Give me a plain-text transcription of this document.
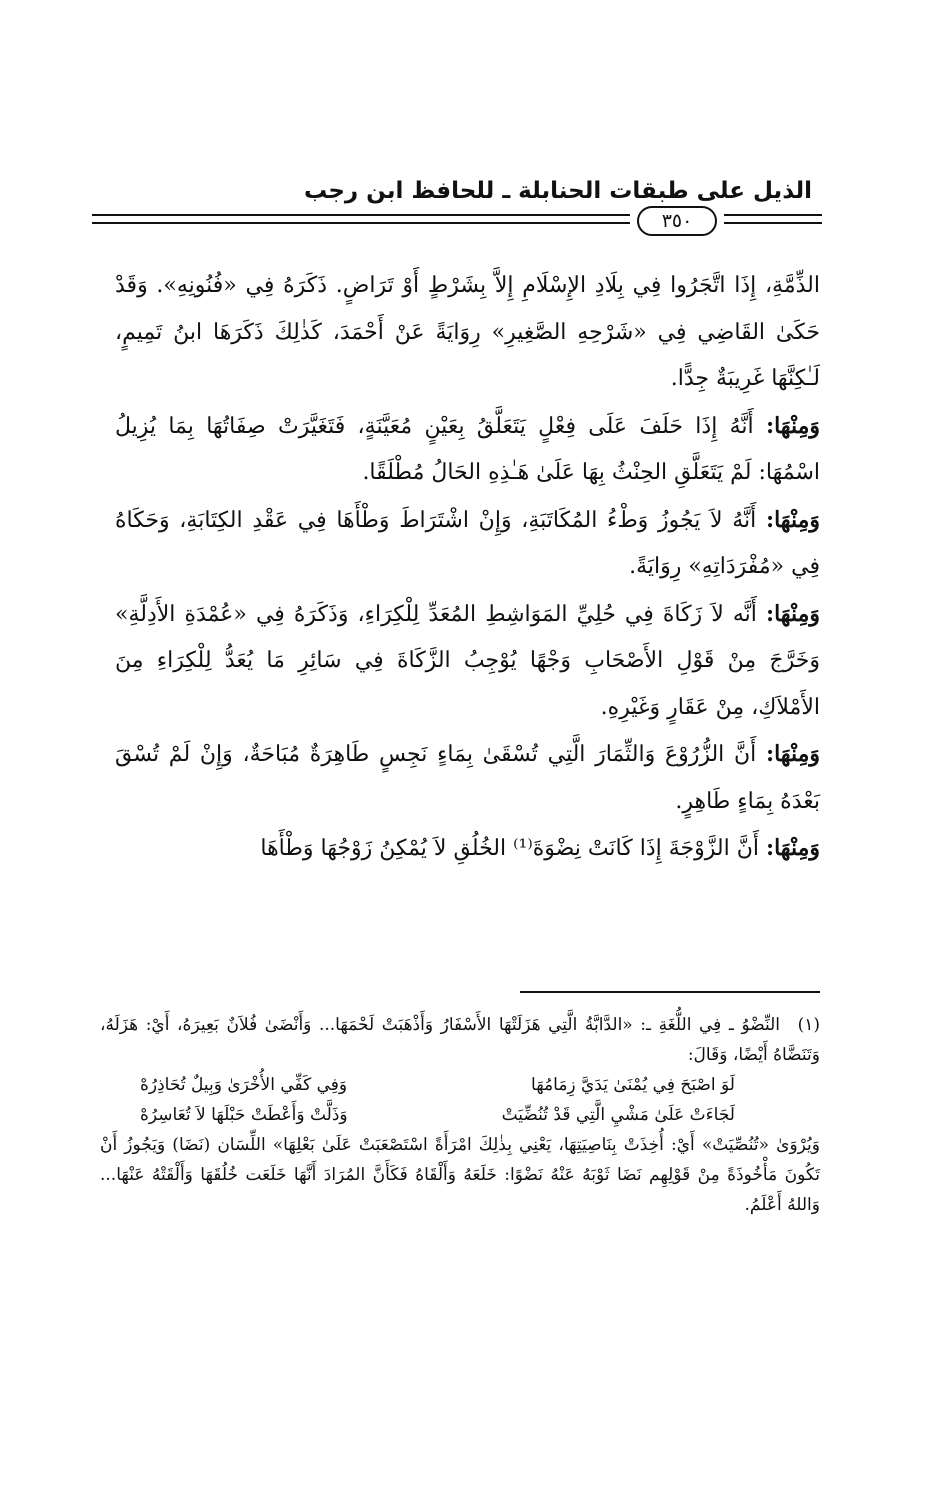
الذيل على طبقات الحنابلة ـ للحافظ ابن رجب
٣٥٠

الذِّمَّةِ، إِذَا اتَّجَرُوا فِي بِلَادِ الإِسْلَامِ إِلاَّ بِشَرْطٍ أَوْ تَرَاضٍ. ذَكَرَهُ فِي «فُنُونِهِ». وَقَدْ حَكَىٰ القَاضِي فِي «شَرْحِهِ الصَّغِيرِ» رِوَايَةً عَنْ أَحْمَدَ، كَذٰلِكَ ذَكَرَهَا ابنُ تَمِيمٍ، لَـٰكِنَّهَا غَرِيبَةٌ جِدًّا.

وَمِنْهَا: أَنَّهُ إِذَا حَلَفَ عَلَى فِعْلٍ يَتَعَلَّقُ بِعَيْنٍ مُعَيَّنَةٍ، فَتَغَيَّرَتْ صِفَاتُهَا بِمَا يُزِيلُ اسْمُهَا: لَمْ يَتَعَلَّقِ الحِنْثُ بِهَا عَلَىٰ هَـٰذِهِ الحَالُ مُطْلَقًا.

وَمِنْهَا: أَنَّهُ لاَ يَجُوزُ وَطْءُ المُكَاتَبَةِ، وَإِنْ اشْتَرَاطَ وَطْأَهَا فِي عَقْدِ الكِتَابَةِ، وَحَكَاهُ فِي «مُفْرَدَاتِهِ» رِوَايَةً.

وَمِنْهَا: أَنَّه لاَ زَكَاةَ فِي حُلِيِّ المَوَاشِطِ المُعَدِّ لِلْكِرَاءِ، وَذَكَرَهُ فِي «عُمْدَةِ الأَدِلَّةِ» وَخَرَّجَ مِنْ قَوْلِ الأَصْحَابِ وَجْهًا يُوْجِبُ الزَّكَاةَ فِي سَائِرِ مَا يُعَدُّ لِلْكِرَاءِ مِنَ الأَمْلاَكِ، مِنْ عَقَارٍ وَغَيْرِهِ.

وَمِنْهَا: أَنَّ الزُّرُوْعَ وَالثِّمَارَ الَّتِي تُسْقَىٰ بِمَاءٍ نَجِسٍ طَاهِرَةٌ مُبَاحَةٌ، وَإِنْ لَمْ تُسْقَ بَعْدَهُ بِمَاءٍ طَاهِرٍ.

وَمِنْهَا: أَنَّ الزَّوْجَةَ إِذَا كَانَتْ نِضْوَةَ⁽¹⁾ الخُلُقِ لاَ يُمْكِنُ زَوْجُهَا وَطْأَهَا

(١)النِّضْوُ ـ فِي اللُّغَةِ ـ: «الدَّابَّةُ الَّتِي هَزَلَتْهَا الأَسْفَارُ وَأَذْهَبَتْ لَحْمَهَا... وَأَنْضَىٰ فُلاَنٌ بَعِيرَهُ، أَيْ: هَزَلَهُ، وَتَنَضَّاهُ أَيْضًا، وَقَالَ:

لَوَ اصْبَحَ فِي يُمْنَىٰ يَدَيَّ زِمَامُهَا
وَفِي كَفِّي الأُخْرَىٰ وَبِيلٌ تُحَاذِرُهْ
لَجَاءَتْ عَلَىٰ مَشْيِ الَّتِي قَدْ تُنُضِّيَتْ
وَذَلَّتْ وَأَعْطَتْ حَبْلَهَا لاَ تُعَاسِرُهْ

وَيُرْوَىٰ «تُنُصِّيَتْ» أَيْ: أُخِذَتْ بِنَاصِيَتِهَا، يَعْنِي بِذٰلِكَ امْرَأَةً اسْتَصْعَبَتْ عَلَىٰ بَعْلِهَا» اللِّسَان (نَضَا) وَيَجُوزُ أَنْ تَكُونَ مَأْخُوذَةً مِنْ قَوْلِهِم نَضَا ثَوْبَهُ عَنْهُ نَضْوًا: خَلَعَهُ وَأَلْقَاهُ فَكَأَنَّ المُرَادَ أَنَّهَا خَلَعَت خُلُقَهَا وَأَلْقَتْهُ عَنْهَا... وَاللهُ أَعْلَمُ.
